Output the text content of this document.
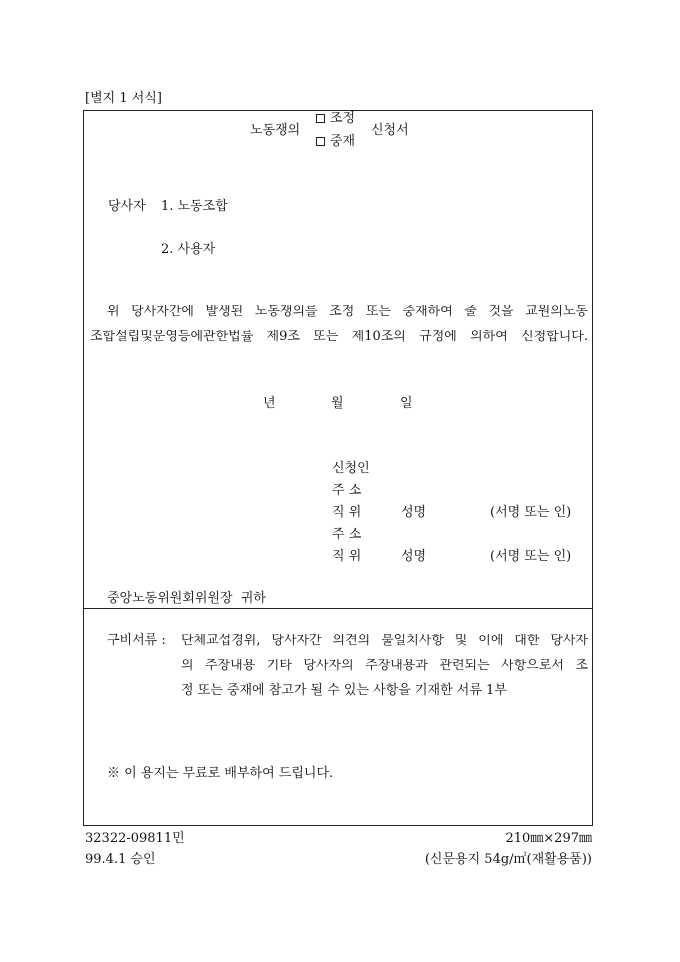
[별지 1 서식]
노동쟁의
조정
중재
신청서
당사자 1. 노동조합
2. 사용자
위 당사자간에 발생된 노동쟁의를 조정 또는 중재하여 줄 것을 교원의노동
조합설립및운영등에관한법률 제9조 또는 제10조의 규정에 의하여 신청합니다.
년	월	일
신청인
주 소
직 위	성명	(서명 또는 인)
주 소
직 위	성명	(서명 또는 인)
중앙노동위원회위원장  귀하
구비서류 : 단체교섭경위, 당사자간 의견의 불일치사항 및 이에 대한 당사자
의 주장내용 기타 당사자의 주장내용과 관련되는 사항으로서 조
정 또는 중재에 참고가 될 수 있는 사항을 기재한 서류 1부
※ 이 용지는 무료로 배부하여 드립니다.
32322-09811민
99.4.1 승인
210㎜×297㎜
(신문용지 54g/㎡(재활용품))
